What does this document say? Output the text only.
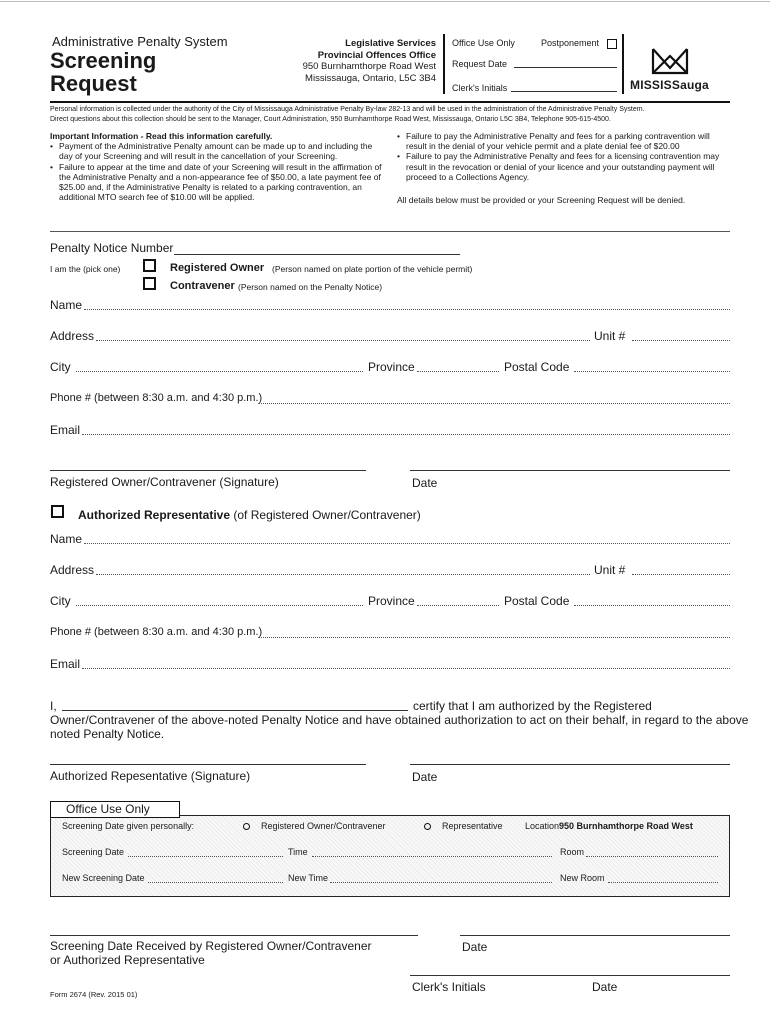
Administrative Penalty System
Screening
Request
Legislative Services
Provincial Offences Office
950 Burnhamthorpe Road West
Mississauga, Ontario, L5C 3B4
Office Use Only	Postponement
Request Date
Clerk's Initials	MISSISSauga
Personal information is collected under the authority of the City of Mississauga Administrative Penalty By-law 282-13 and will be used in the administration of the Administrative Penalty System.
Direct questions about this collection should be sent to the Manager, Court Administration, 950 Burnhamthorpe Road West, Mississauga, Ontario L5C 3B4, Telephone 905-615-4500.
Important Information - Read this information carefully.
• Payment of the Administrative Penalty amount can be made up to and including the day of your Screening and will result in the cancellation of your Screening.
• Failure to appear at the time and date of your Screening will result in the affirmation of the Administrative Penalty and a non-appearance fee of $50.00, a late payment fee of $25.00 and, if the Administrative Penalty is related to a parking contravention, an additional MTO search fee of $10.00 will be applied.
• Failure to pay the Administrative Penalty and fees for a parking contravention will result in the denial of your vehicle permit and a plate denial fee of $20.00
• Failure to pay the Administrative Penalty and fees for a licensing contravention may result in the revocation or denial of your licence and your outstanding payment will proceed to a Collections Agency.
All details below must be provided or your Screening Request will be denied.
Penalty Notice Number
I am the (pick one)	Registered Owner (Person named on plate portion of the vehicle permit)
Contravener (Person named on the Penalty Notice)
Name
Address	Unit #
City	Province	Postal Code
Phone # (between 8:30 a.m. and 4:30 p.m.)
Email
Registered Owner/Contravener (Signature)	Date
Authorized Representative (of Registered Owner/Contravener)
Name
Address	Unit #
City	Province	Postal Code
Phone # (between 8:30 a.m. and 4:30 p.m.)
Email
I,	certify that I am authorized by the Registered
Owner/Contravener of the above-noted Penalty Notice and have obtained authorization to act on their behalf, in regard to the above
noted Penalty Notice.
Authorized Repesentative (Signature)	Date
Office Use Only
Screening Date given personally:	Registered Owner/Contravener	Representative Location950 Burnhamthorpe Road West
Screening Date	Time	Room
New Screening Date	New Time	New Room
Screening Date Received by Registered Owner/Contravener
or Authorized Representative
Date
Clerk's Initials	Date
Form 2674 (Rev. 2015 01)
